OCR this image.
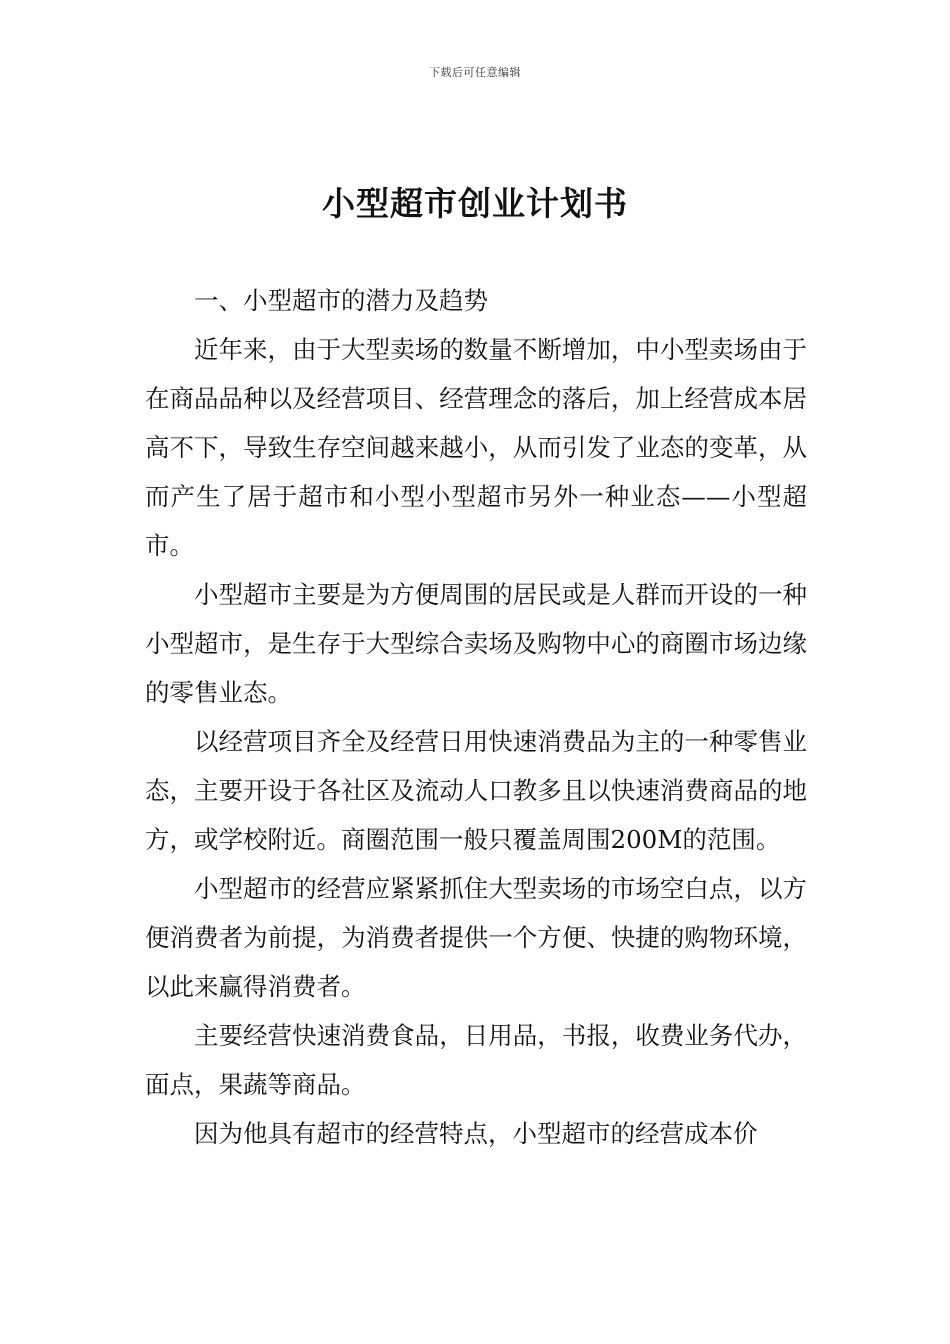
下载后可任意编辑
小型超市创业计划书
一、小型超市的潜力及趋势

近年来，由于大型卖场的数量不断增加，中小型卖场由于在商品品种以及经营项目、经营理念的落后，加上经营成本居高不下，导致生存空间越来越小，从而引发了业态的变革，从而产生了居于超市和小型小型超市另外一种业态——小型超市。

小型超市主要是为方便周围的居民或是人群而开设的一种小型超市，是生存于大型综合卖场及购物中心的商圈市场边缘的零售业态。

以经营项目齐全及经营日用快速消费品为主的一种零售业态，主要开设于各社区及流动人口教多且以快速消费商品的地方，或学校附近。商圈范围一般只覆盖周围200M的范围。

小型超市的经营应紧紧抓住大型卖场的市场空白点，以方便消费者为前提，为消费者提供一个方便、快捷的购物环境，以此来赢得消费者。

主要经营快速消费食品，日用品，书报，收费业务代办，面点，果蔬等商品。

因为他具有超市的经营特点，小型超市的经营成本价
